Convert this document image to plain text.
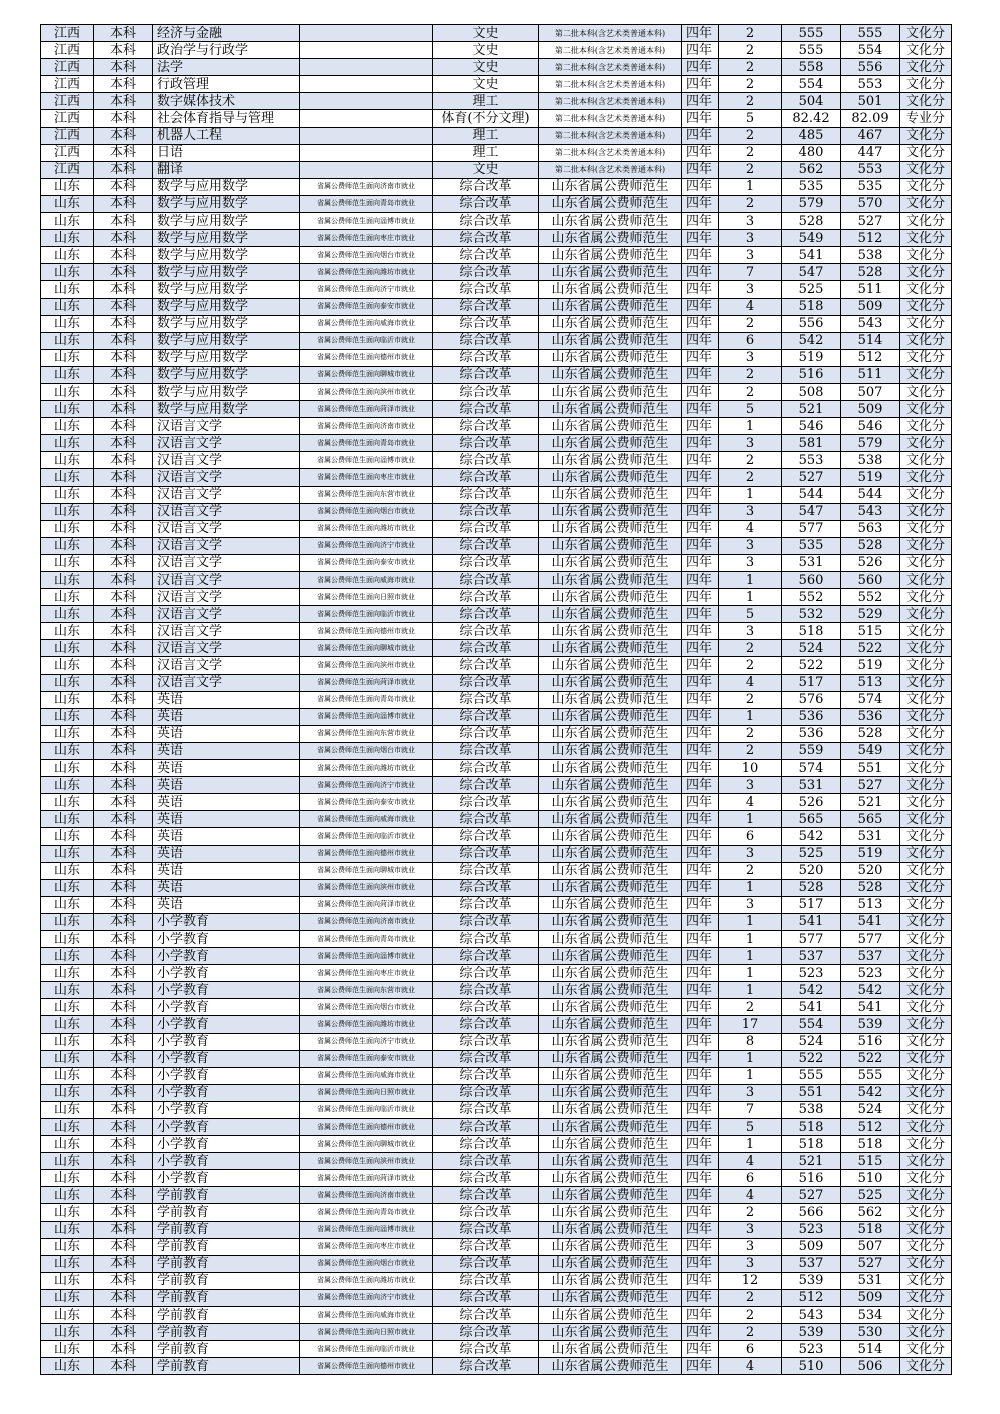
江西	本科	经济与金融		文史	第二批本科(含艺术类普通本科)	四年	2	555	555	文化分
江西	本科	政治学与行政学		文史	第二批本科(含艺术类普通本科)	四年	2	555	554	文化分
江西	本科	法学		文史	第二批本科(含艺术类普通本科)	四年	2	558	556	文化分
江西	本科	行政管理		文史	第二批本科(含艺术类普通本科)	四年	2	554	553	文化分
江西	本科	数字媒体技术		理工	第二批本科(含艺术类普通本科)	四年	2	504	501	文化分
江西	本科	社会体育指导与管理		体育(不分文理)	第二批本科(含艺术类普通本科)	四年	5	82.42	82.09	专业分
江西	本科	机器人工程		理工	第二批本科(含艺术类普通本科)	四年	2	485	467	文化分
江西	本科	日语		理工	第二批本科(含艺术类普通本科)	四年	2	480	447	文化分
江西	本科	翻译		文史	第二批本科(含艺术类普通本科)	四年	2	562	553	文化分
山东	本科	数学与应用数学	省属公费师范生面向济南市就业	综合改革	山东省属公费师范生	四年	1	535	535	文化分
山东	本科	数学与应用数学	省属公费师范生面向青岛市就业	综合改革	山东省属公费师范生	四年	2	579	570	文化分
山东	本科	数学与应用数学	省属公费师范生面向淄博市就业	综合改革	山东省属公费师范生	四年	3	528	527	文化分
山东	本科	数学与应用数学	省属公费师范生面向枣庄市就业	综合改革	山东省属公费师范生	四年	3	549	512	文化分
山东	本科	数学与应用数学	省属公费师范生面向烟台市就业	综合改革	山东省属公费师范生	四年	3	541	538	文化分
山东	本科	数学与应用数学	省属公费师范生面向潍坊市就业	综合改革	山东省属公费师范生	四年	7	547	528	文化分
山东	本科	数学与应用数学	省属公费师范生面向济宁市就业	综合改革	山东省属公费师范生	四年	3	525	511	文化分
山东	本科	数学与应用数学	省属公费师范生面向泰安市就业	综合改革	山东省属公费师范生	四年	4	518	509	文化分
山东	本科	数学与应用数学	省属公费师范生面向威海市就业	综合改革	山东省属公费师范生	四年	2	556	543	文化分
山东	本科	数学与应用数学	省属公费师范生面向临沂市就业	综合改革	山东省属公费师范生	四年	6	542	514	文化分
山东	本科	数学与应用数学	省属公费师范生面向德州市就业	综合改革	山东省属公费师范生	四年	3	519	512	文化分
山东	本科	数学与应用数学	省属公费师范生面向聊城市就业	综合改革	山东省属公费师范生	四年	2	516	511	文化分
山东	本科	数学与应用数学	省属公费师范生面向滨州市就业	综合改革	山东省属公费师范生	四年	2	508	507	文化分
山东	本科	数学与应用数学	省属公费师范生面向菏泽市就业	综合改革	山东省属公费师范生	四年	5	521	509	文化分
山东	本科	汉语言文学	省属公费师范生面向济南市就业	综合改革	山东省属公费师范生	四年	1	546	546	文化分
山东	本科	汉语言文学	省属公费师范生面向青岛市就业	综合改革	山东省属公费师范生	四年	3	581	579	文化分
山东	本科	汉语言文学	省属公费师范生面向淄博市就业	综合改革	山东省属公费师范生	四年	2	553	538	文化分
山东	本科	汉语言文学	省属公费师范生面向枣庄市就业	综合改革	山东省属公费师范生	四年	2	527	519	文化分
山东	本科	汉语言文学	省属公费师范生面向东营市就业	综合改革	山东省属公费师范生	四年	1	544	544	文化分
山东	本科	汉语言文学	省属公费师范生面向烟台市就业	综合改革	山东省属公费师范生	四年	3	547	543	文化分
山东	本科	汉语言文学	省属公费师范生面向潍坊市就业	综合改革	山东省属公费师范生	四年	4	577	563	文化分
山东	本科	汉语言文学	省属公费师范生面向济宁市就业	综合改革	山东省属公费师范生	四年	3	535	528	文化分
山东	本科	汉语言文学	省属公费师范生面向泰安市就业	综合改革	山东省属公费师范生	四年	3	531	526	文化分
山东	本科	汉语言文学	省属公费师范生面向威海市就业	综合改革	山东省属公费师范生	四年	1	560	560	文化分
山东	本科	汉语言文学	省属公费师范生面向日照市就业	综合改革	山东省属公费师范生	四年	1	552	552	文化分
山东	本科	汉语言文学	省属公费师范生面向临沂市就业	综合改革	山东省属公费师范生	四年	5	532	529	文化分
山东	本科	汉语言文学	省属公费师范生面向德州市就业	综合改革	山东省属公费师范生	四年	3	518	515	文化分
山东	本科	汉语言文学	省属公费师范生面向聊城市就业	综合改革	山东省属公费师范生	四年	2	524	522	文化分
山东	本科	汉语言文学	省属公费师范生面向滨州市就业	综合改革	山东省属公费师范生	四年	2	522	519	文化分
山东	本科	汉语言文学	省属公费师范生面向菏泽市就业	综合改革	山东省属公费师范生	四年	4	517	513	文化分
山东	本科	英语	省属公费师范生面向青岛市就业	综合改革	山东省属公费师范生	四年	2	576	574	文化分
山东	本科	英语	省属公费师范生面向淄博市就业	综合改革	山东省属公费师范生	四年	1	536	536	文化分
山东	本科	英语	省属公费师范生面向东营市就业	综合改革	山东省属公费师范生	四年	2	536	528	文化分
山东	本科	英语	省属公费师范生面向烟台市就业	综合改革	山东省属公费师范生	四年	2	559	549	文化分
山东	本科	英语	省属公费师范生面向潍坊市就业	综合改革	山东省属公费师范生	四年	10	574	551	文化分
山东	本科	英语	省属公费师范生面向济宁市就业	综合改革	山东省属公费师范生	四年	3	531	527	文化分
山东	本科	英语	省属公费师范生面向泰安市就业	综合改革	山东省属公费师范生	四年	4	526	521	文化分
山东	本科	英语	省属公费师范生面向威海市就业	综合改革	山东省属公费师范生	四年	1	565	565	文化分
山东	本科	英语	省属公费师范生面向临沂市就业	综合改革	山东省属公费师范生	四年	6	542	531	文化分
山东	本科	英语	省属公费师范生面向德州市就业	综合改革	山东省属公费师范生	四年	3	525	519	文化分
山东	本科	英语	省属公费师范生面向聊城市就业	综合改革	山东省属公费师范生	四年	2	520	520	文化分
山东	本科	英语	省属公费师范生面向滨州市就业	综合改革	山东省属公费师范生	四年	1	528	528	文化分
山东	本科	英语	省属公费师范生面向菏泽市就业	综合改革	山东省属公费师范生	四年	3	517	513	文化分
山东	本科	小学教育	省属公费师范生面向济南市就业	综合改革	山东省属公费师范生	四年	1	541	541	文化分
山东	本科	小学教育	省属公费师范生面向青岛市就业	综合改革	山东省属公费师范生	四年	1	577	577	文化分
山东	本科	小学教育	省属公费师范生面向淄博市就业	综合改革	山东省属公费师范生	四年	1	537	537	文化分
山东	本科	小学教育	省属公费师范生面向枣庄市就业	综合改革	山东省属公费师范生	四年	1	523	523	文化分
山东	本科	小学教育	省属公费师范生面向东营市就业	综合改革	山东省属公费师范生	四年	1	542	542	文化分
山东	本科	小学教育	省属公费师范生面向烟台市就业	综合改革	山东省属公费师范生	四年	2	541	541	文化分
山东	本科	小学教育	省属公费师范生面向潍坊市就业	综合改革	山东省属公费师范生	四年	17	554	539	文化分
山东	本科	小学教育	省属公费师范生面向济宁市就业	综合改革	山东省属公费师范生	四年	8	524	516	文化分
山东	本科	小学教育	省属公费师范生面向泰安市就业	综合改革	山东省属公费师范生	四年	1	522	522	文化分
山东	本科	小学教育	省属公费师范生面向威海市就业	综合改革	山东省属公费师范生	四年	1	555	555	文化分
山东	本科	小学教育	省属公费师范生面向日照市就业	综合改革	山东省属公费师范生	四年	3	551	542	文化分
山东	本科	小学教育	省属公费师范生面向临沂市就业	综合改革	山东省属公费师范生	四年	7	538	524	文化分
山东	本科	小学教育	省属公费师范生面向德州市就业	综合改革	山东省属公费师范生	四年	5	518	512	文化分
山东	本科	小学教育	省属公费师范生面向聊城市就业	综合改革	山东省属公费师范生	四年	1	518	518	文化分
山东	本科	小学教育	省属公费师范生面向滨州市就业	综合改革	山东省属公费师范生	四年	4	521	515	文化分
山东	本科	小学教育	省属公费师范生面向菏泽市就业	综合改革	山东省属公费师范生	四年	6	516	510	文化分
山东	本科	学前教育	省属公费师范生面向济南市就业	综合改革	山东省属公费师范生	四年	4	527	525	文化分
山东	本科	学前教育	省属公费师范生面向青岛市就业	综合改革	山东省属公费师范生	四年	2	566	562	文化分
山东	本科	学前教育	省属公费师范生面向淄博市就业	综合改革	山东省属公费师范生	四年	3	523	518	文化分
山东	本科	学前教育	省属公费师范生面向枣庄市就业	综合改革	山东省属公费师范生	四年	3	509	507	文化分
山东	本科	学前教育	省属公费师范生面向烟台市就业	综合改革	山东省属公费师范生	四年	3	537	527	文化分
山东	本科	学前教育	省属公费师范生面向潍坊市就业	综合改革	山东省属公费师范生	四年	12	539	531	文化分
山东	本科	学前教育	省属公费师范生面向济宁市就业	综合改革	山东省属公费师范生	四年	2	512	509	文化分
山东	本科	学前教育	省属公费师范生面向威海市就业	综合改革	山东省属公费师范生	四年	2	543	534	文化分
山东	本科	学前教育	省属公费师范生面向日照市就业	综合改革	山东省属公费师范生	四年	2	539	530	文化分
山东	本科	学前教育	省属公费师范生面向临沂市就业	综合改革	山东省属公费师范生	四年	6	523	514	文化分
山东	本科	学前教育	省属公费师范生面向德州市就业	综合改革	山东省属公费师范生	四年	4	510	506	文化分
